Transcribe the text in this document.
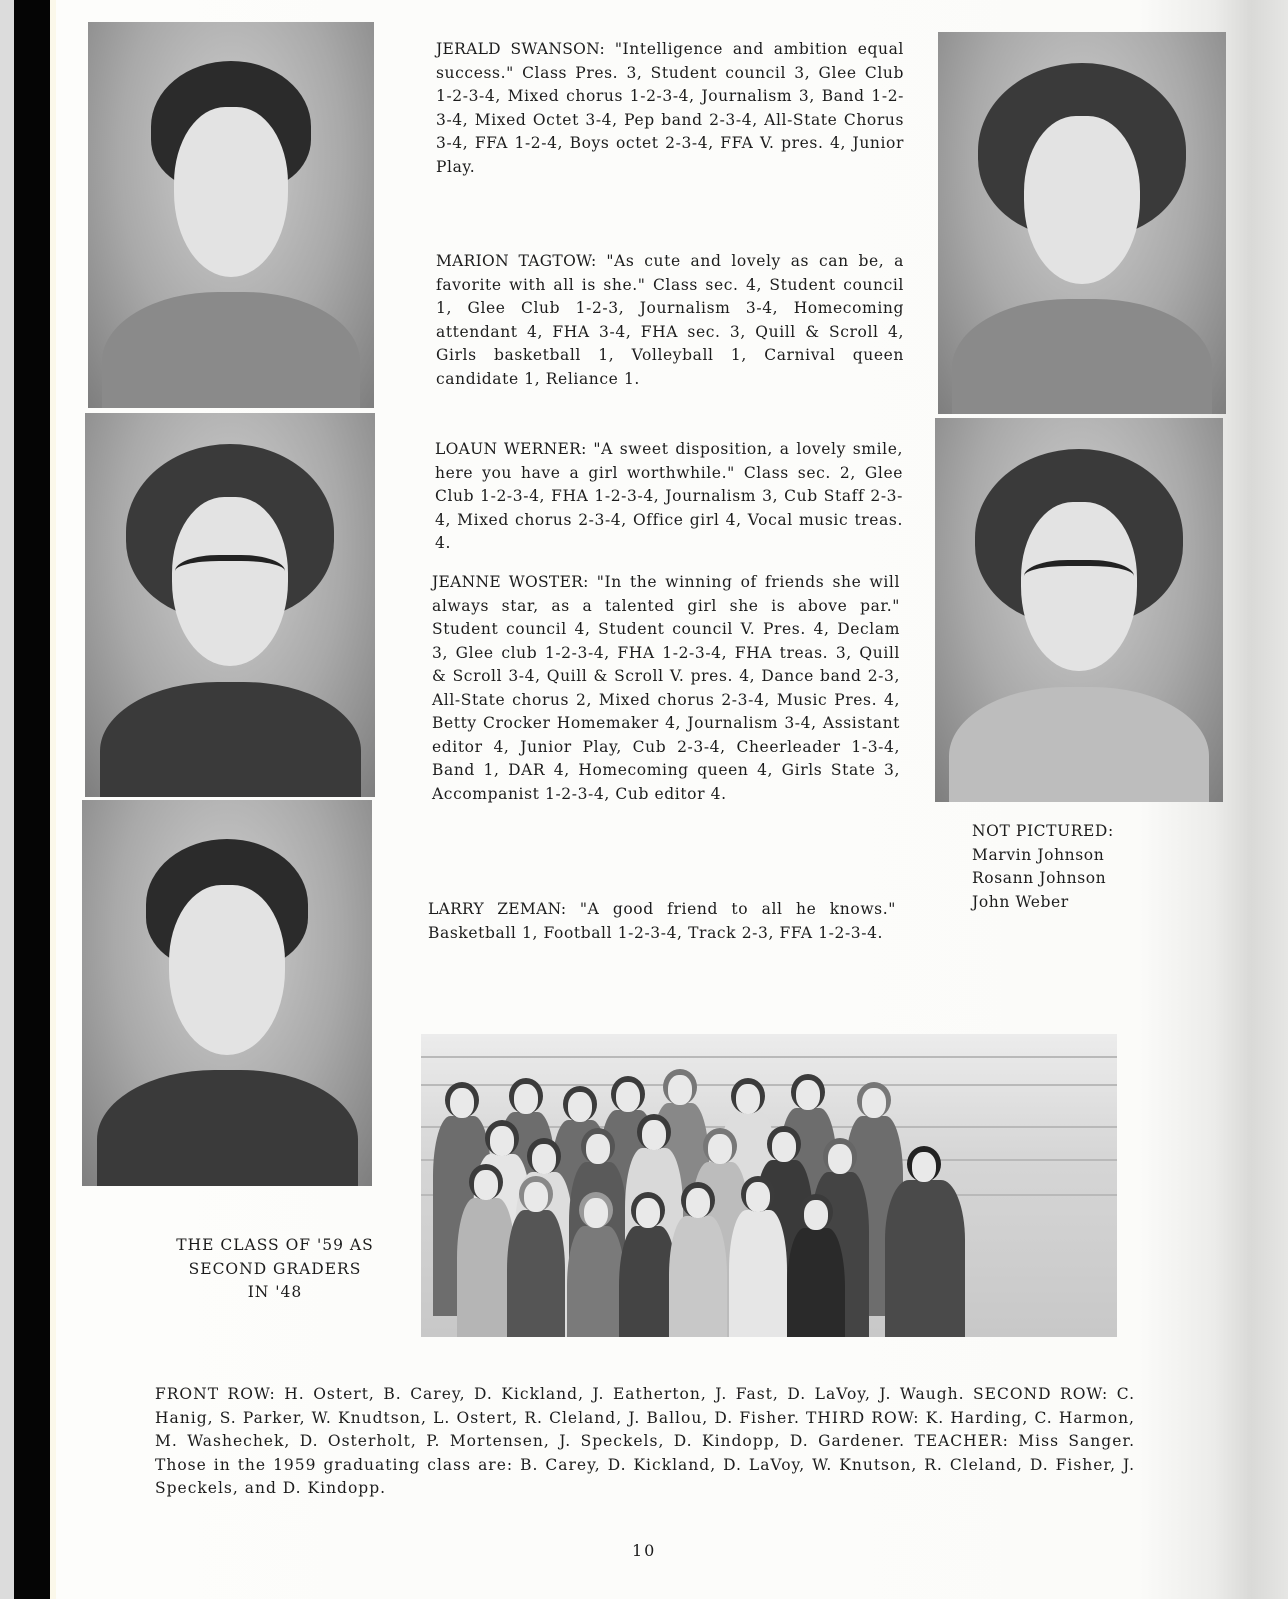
JERALD SWANSON: "Intelligence and ambition equal success." Class Pres. 3, Student council 3, Glee Club 1-2-3-4, Mixed chorus 1-2-3-4, Journalism 3, Band 1-2-3-4, Mixed Octet 3-4, Pep band 2-3-4, All-State Chorus 3-4, FFA 1-2-4, Boys octet 2-3-4, FFA V. pres. 4, Junior Play.
MARION TAGTOW: "As cute and lovely as can be, a favorite with all is she." Class sec. 4, Student council 1, Glee Club 1-2-3, Journalism 3-4, Homecoming attendant 4, FHA 3-4, FHA sec. 3, Quill & Scroll 4, Girls basketball 1, Volleyball 1, Carnival queen candidate 1, Reliance 1.
LOAUN WERNER: "A sweet disposition, a lovely smile, here you have a girl worthwhile." Class sec. 2, Glee Club 1-2-3-4, FHA 1-2-3-4, Journalism 3, Cub Staff 2-3-4, Mixed chorus 2-3-4, Office girl 4, Vocal music treas. 4.
JEANNE WOSTER: "In the winning of friends she will always star, as a talented girl she is above par." Student council 4, Student council V. Pres. 4, Declam 3, Glee club 1-2-3-4, FHA 1-2-3-4, FHA treas. 3, Quill & Scroll 3-4, Quill & Scroll V. pres. 4, Dance band 2-3, All-State chorus 2, Mixed chorus 2-3-4, Music Pres. 4, Betty Crocker Homemaker 4, Journalism 3-4, Assistant editor 4, Junior Play, Cub 2-3-4, Cheerleader 1-3-4, Band 1, DAR 4, Homecoming queen 4, Girls State 3, Accompanist 1-2-3-4, Cub editor 4.
LARRY ZEMAN: "A good friend to all he knows." Basketball 1, Football 1-2-3-4, Track 2-3, FFA 1-2-3-4.
NOT PICTURED:
Marvin Johnson
Rosann Johnson
John Weber
THE CLASS OF '59 AS
SECOND GRADERS
IN '48
FRONT ROW: H. Ostert, B. Carey, D. Kickland, J. Eatherton, J. Fast, D. LaVoy, J. Waugh. SECOND ROW: C. Hanig, S. Parker, W. Knudtson, L. Ostert, R. Cleland, J. Ballou, D. Fisher. THIRD ROW: K. Harding, C. Harmon, M. Washechek, D. Osterholt, P. Mortensen, J. Speckels, D. Kindopp, D. Gardener. TEACHER: Miss Sanger. Those in the 1959 graduating class are: B. Carey, D. Kickland, D. LaVoy, W. Knutson, R. Cleland, D. Fisher, J. Speckels, and D. Kindopp.
10
